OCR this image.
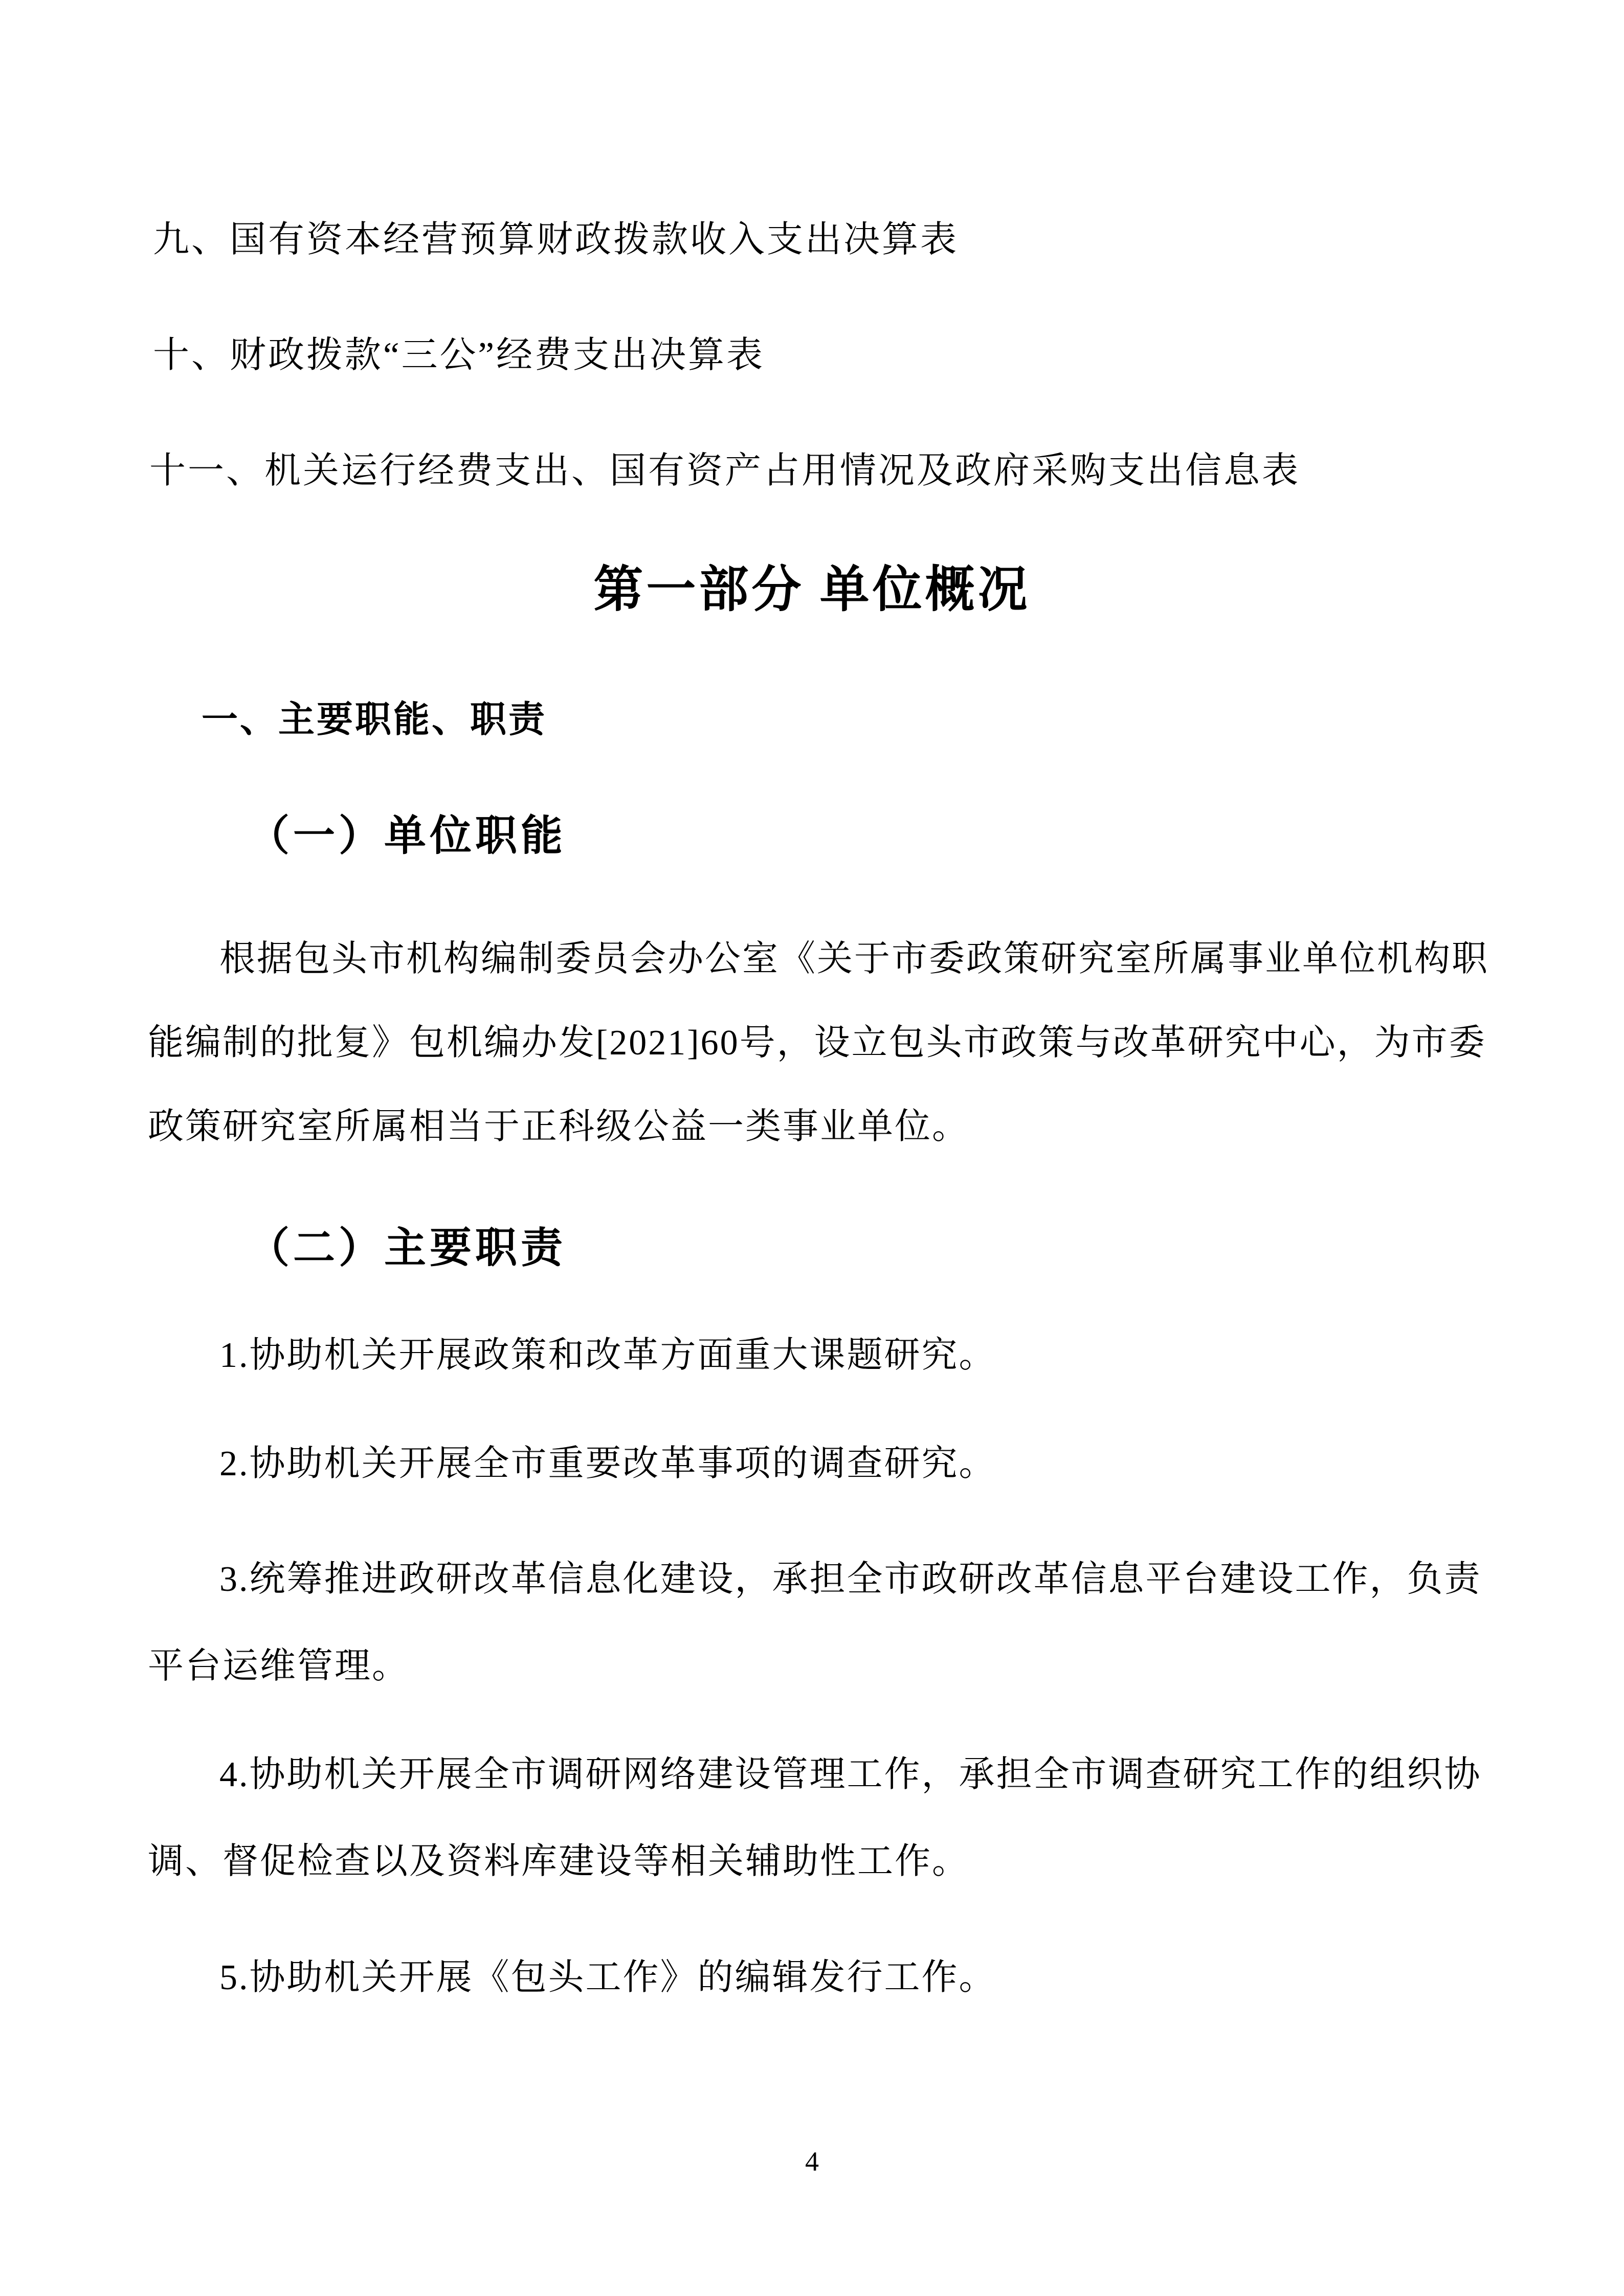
九、国有资本经营预算财政拨款收入支出决算表
十、财政拨款“三公”经费支出决算表
十一、机关运行经费支出、国有资产占用情况及政府采购支出信息表
第一部分 单位概况
一、主要职能、职责
（一）单位职能
根据包头市机构编制委员会办公室《关于市委政策研究室所属事业单位机构职
能编制的批复》包机编办发[2021]60号，设立包头市政策与改革研究中心，为市委
政策研究室所属相当于正科级公益一类事业单位。
（二）主要职责
1.协助机关开展政策和改革方面重大课题研究。
2.协助机关开展全市重要改革事项的调查研究。
3.统筹推进政研改革信息化建设，承担全市政研改革信息平台建设工作，负责
平台运维管理。
4.协助机关开展全市调研网络建设管理工作，承担全市调查研究工作的组织协
调、督促检查以及资料库建设等相关辅助性工作。
5.协助机关开展《包头工作》的编辑发行工作。
4
